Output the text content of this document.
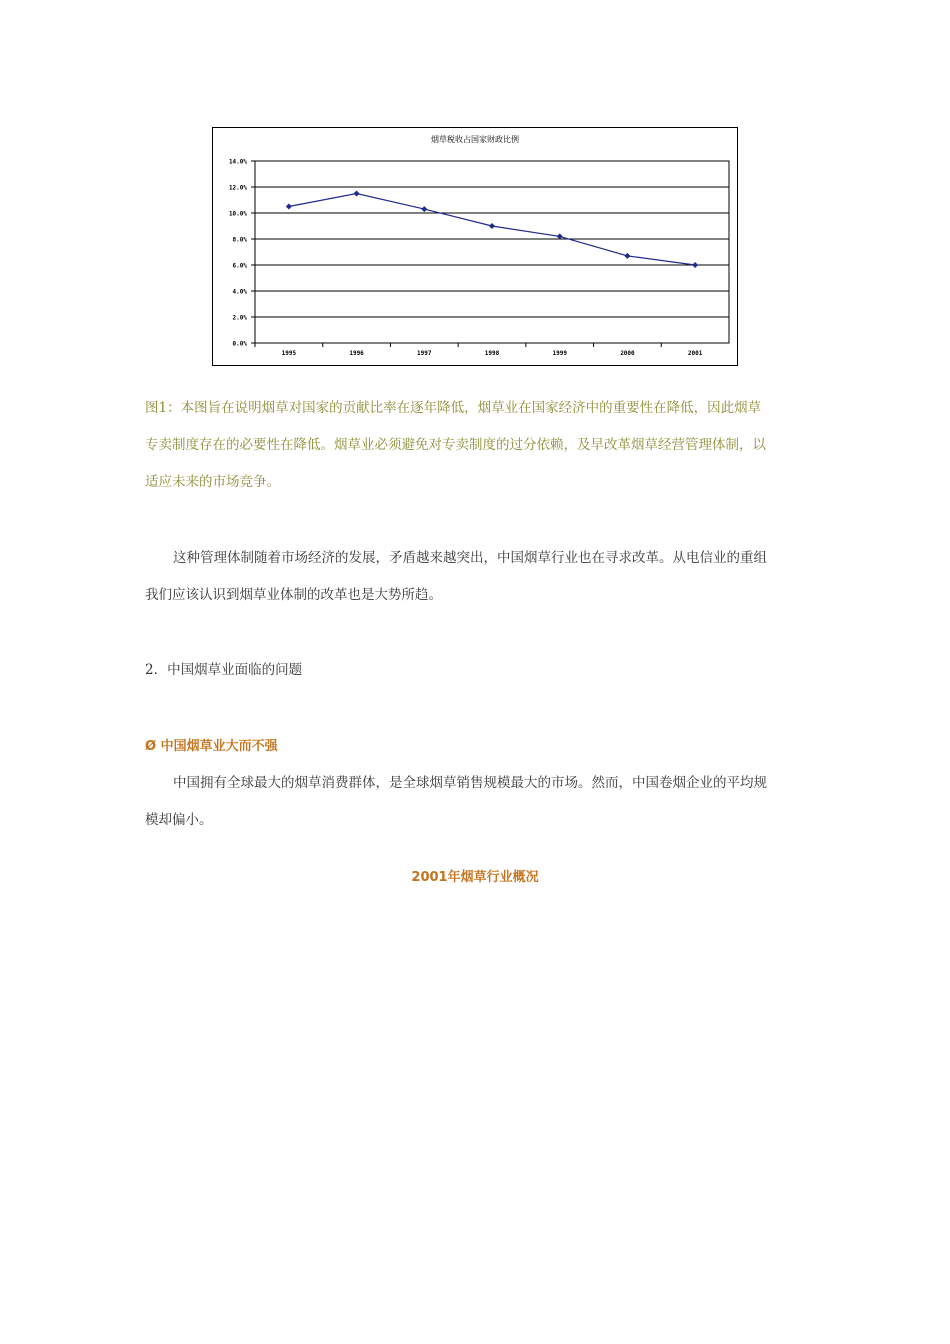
烟草税收占国家财政比例
14.0%
12.0%
10.0%
8.0%
6.0%
4.0%
2.0%
0.0%
1995	1996	1997	1998	1999	2000	2001
图1：本图旨在说明烟草对国家的贡献比率在逐年降低，烟草业在国家经济中的重要性在降低，因此烟草
专卖制度存在的必要性在降低。烟草业必须避免对专卖制度的过分依赖，及早改革烟草经营管理体制，以
适应未来的市场竞争。
这种管理体制随着市场经济的发展，矛盾越来越突出，中国烟草行业也在寻求改革。从电信业的重组
我们应该认识到烟草业体制的改革也是大势所趋。
2．中国烟草业面临的问题
Ø 中国烟草业大而不强
中国拥有全球最大的烟草消费群体，是全球烟草销售规模最大的市场。然而，中国卷烟企业的平均规
模却偏小。
2001年烟草行业概况
